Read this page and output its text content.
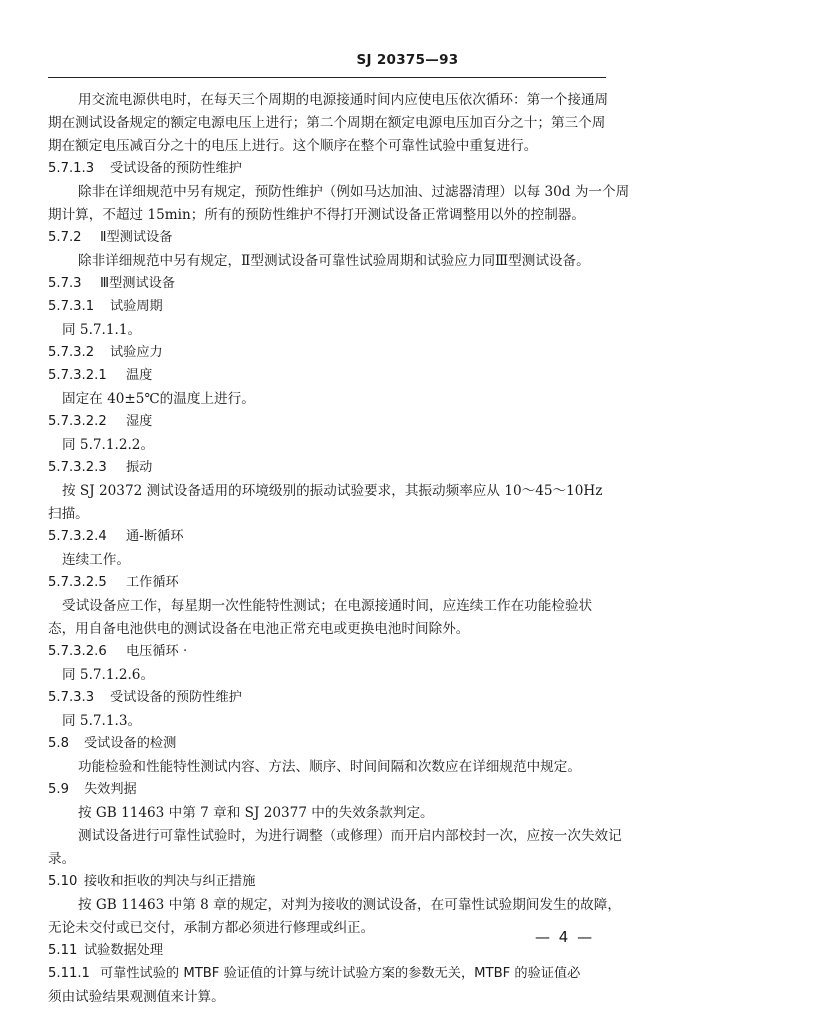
SJ 20375—93
用交流电源供电时，在每天三个周期的电源接通时间内应使电压依次循环：第一个接通周
期在测试设备规定的额定电源电压上进行；第二个周期在额定电源电压加百分之十；第三个周
期在额定电压减百分之十的电压上进行。这个顺序在整个可靠性试验中重复进行。
5.7.1.3 受试设备的预防性维护
除非在详细规范中另有规定，预防性维护（例如马达加油、过滤器清理）以每 30d 为一个周
期计算，不超过 15min；所有的预防性维护不得打开测试设备正常调整用以外的控制器。
5.7.2 Ⅱ型测试设备
除非详细规范中另有规定，Ⅱ型测试设备可靠性试验周期和试验应力同Ⅲ型测试设备。
5.7.3 Ⅲ型测试设备
5.7.3.1 试验周期
同 5.7.1.1。
5.7.3.2 试验应力
5.7.3.2.1 温度
固定在 40±5℃的温度上进行。
5.7.3.2.2 湿度
同 5.7.1.2.2。
5.7.3.2.3 振动
按 SJ 20372 测试设备适用的环境级别的振动试验要求，其振动频率应从 10～45～10Hz
扫描。
5.7.3.2.4 通-断循环
连续工作。
5.7.3.2.5 工作循环
受试设备应工作，每星期一次性能特性测试；在电源接通时间，应连续工作在功能检验状
态，用自备电池供电的测试设备在电池正常充电或更换电池时间除外。
5.7.3.2.6 电压循环 ·
同 5.7.1.2.6。
5.7.3.3 受试设备的预防性维护
同 5.7.1.3。
5.8 受试设备的检测
功能检验和性能特性测试内容、方法、顺序、时间间隔和次数应在详细规范中规定。
5.9 失效判据
按 GB 11463 中第 7 章和 SJ 20377 中的失效条款判定。
测试设备进行可靠性试验时，为进行调整（或修理）而开启内部校封一次，应按一次失效记
录。
5.10 接收和拒收的判决与纠正措施
按 GB 11463 中第 8 章的规定，对判为接收的测试设备，在可靠性试验期间发生的故障，
无论未交付或已交付，承制方都必须进行修理或纠正。
5.11 试验数据处理
5.11.1 可靠性试验的 MTBF 验证值的计算与统计试验方案的参数无关，MTBF 的验证值必
须由试验结果观测值来计算。
— 4 —
